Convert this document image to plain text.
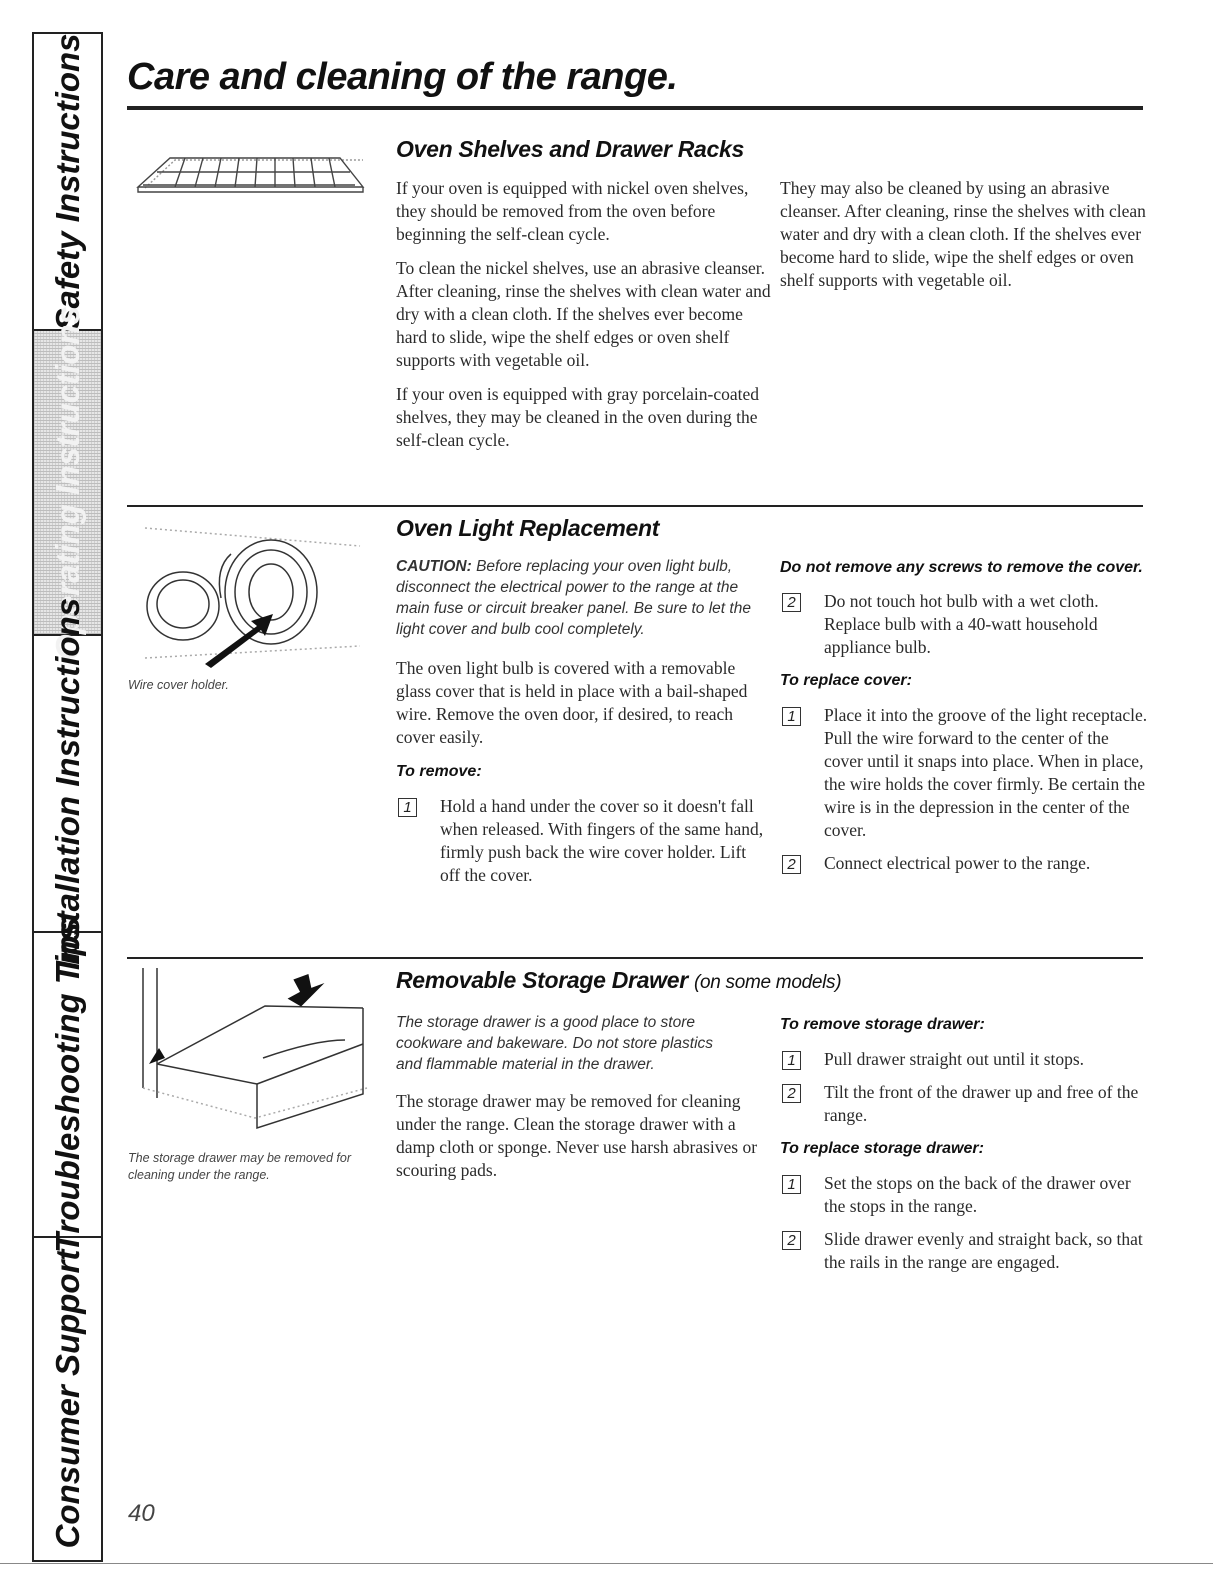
Safety Instructions
Operating Instructions
Installation Instructions
Troubleshooting Tips
Consumer Support
Care and cleaning of the range.
Oven Shelves and Drawer Racks

If your oven is equipped with nickel oven shelves, they should be removed from the oven before beginning the self-clean cycle.

To clean the nickel shelves, use an abrasive cleanser. After cleaning, rinse the shelves with clean water and dry with a clean cloth. If the shelves ever become hard to slide, wipe the shelf edges or oven shelf supports with vegetable oil.

If your oven is equipped with gray porcelain-coated shelves, they may be cleaned in the oven during the self-clean cycle.

They may also be cleaned by using an abrasive cleanser. After cleaning, rinse the shelves with clean water and dry with a clean cloth. If the shelves ever become hard to slide, wipe the shelf edges or oven shelf supports with vegetable oil.

Wire cover holder.
Oven Light Replacement
CAUTION: Before replacing your oven light bulb, disconnect the electrical power to the range at the main fuse or circuit breaker panel. Be sure to let the light cover and bulb cool completely.

The oven light bulb is covered with a removable glass cover that is held in place with a bail-shaped wire. Remove the oven door, if desired, to reach cover easily.

To remove:
1	Hold a hand under the cover so it doesn't fall when released. With fingers of the same hand, firmly push back the wire cover holder. Lift off the cover.
Do not remove any screws to remove the cover.
2	Do not touch hot bulb with a wet cloth. Replace bulb with a 40-watt household appliance bulb.
To replace cover:
1	Place it into the groove of the light receptacle. Pull the wire forward to the center of the cover until it snaps into place. When in place, the wire holds the cover firmly. Be certain the wire is in the depression in the center of the cover.
2	Connect electrical power to the range.
The storage drawer may be removed for cleaning under the range.
Removable Storage Drawer (on some models)
The storage drawer is a good place to store cookware and bakeware. Do not store plastics and flammable material in the drawer.

The storage drawer may be removed for cleaning under the range. Clean the storage drawer with a damp cloth or sponge. Never use harsh abrasives or scouring pads.

To remove storage drawer:
1	Pull drawer straight out until it stops.
2	Tilt the front of the drawer up and free of the range.
To replace storage drawer:
1	Set the stops on the back of the drawer over the stops in the range.
2	Slide drawer evenly and straight back, so that the rails in the range are engaged.
40
